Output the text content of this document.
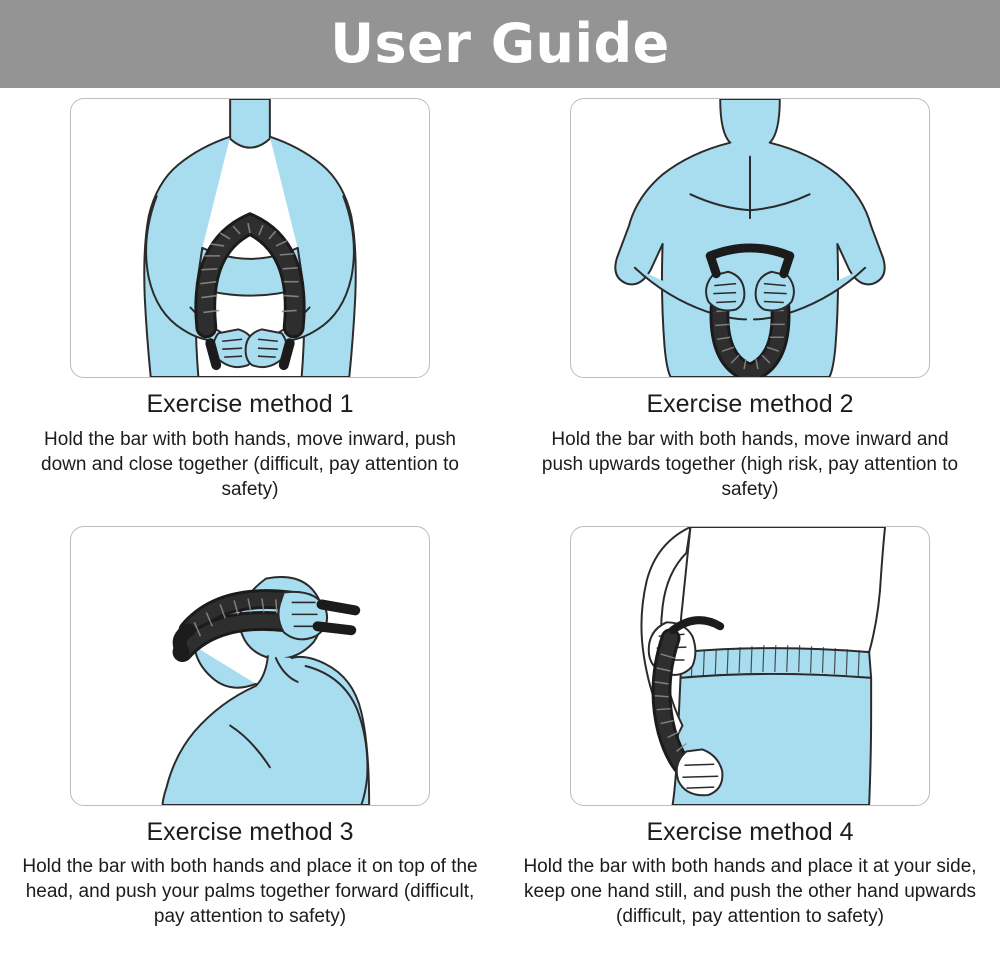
User Guide
Exercise method 1
Hold the bar with both hands, move inward, push down and close together (difficult, pay attention to safety)
Exercise method 2
Hold the bar with both hands, move inward and push upwards together (high risk, pay attention to safety)
Exercise method 3
Hold the bar with both hands and place it on top of the head, and push your palms together forward (difficult, pay attention to safety)
Exercise method 4
Hold the bar with both hands and place it at your side, keep one hand still, and push the other hand upwards (difficult, pay attention to safety)
